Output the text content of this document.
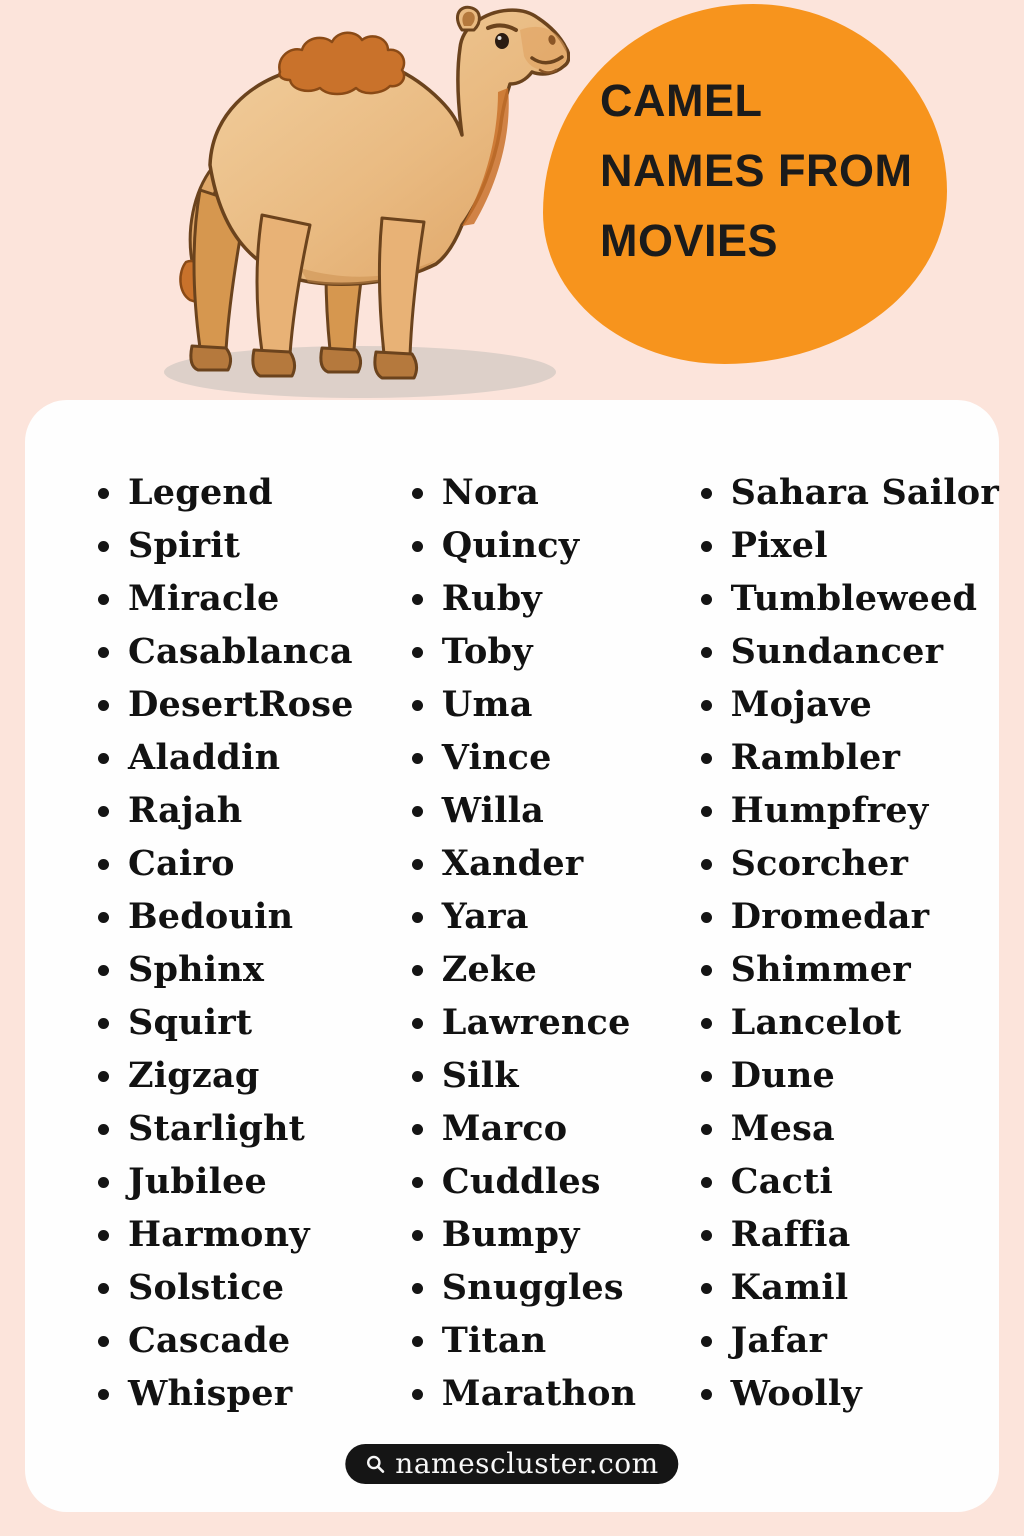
CAMEL
NAMES FROM
MOVIES
Legend
Spirit
Miracle
Casablanca
DesertRose
Aladdin
Rajah
Cairo
Bedouin
Sphinx
Squirt
Zigzag
Starlight
Jubilee
Harmony
Solstice
Cascade
Whisper
Nora
Quincy
Ruby
Toby
Uma
Vince
Willa
Xander
Yara
Zeke
Lawrence
Silk
Marco
Cuddles
Bumpy
Snuggles
Titan
Marathon
Sahara Sailor
Pixel
Tumbleweed
Sundancer
Mojave
Rambler
Humpfrey
Scorcher
Dromedar
Shimmer
Lancelot
Dune
Mesa
Cacti
Raffia
Kamil
Jafar
Woolly
namescluster.com
